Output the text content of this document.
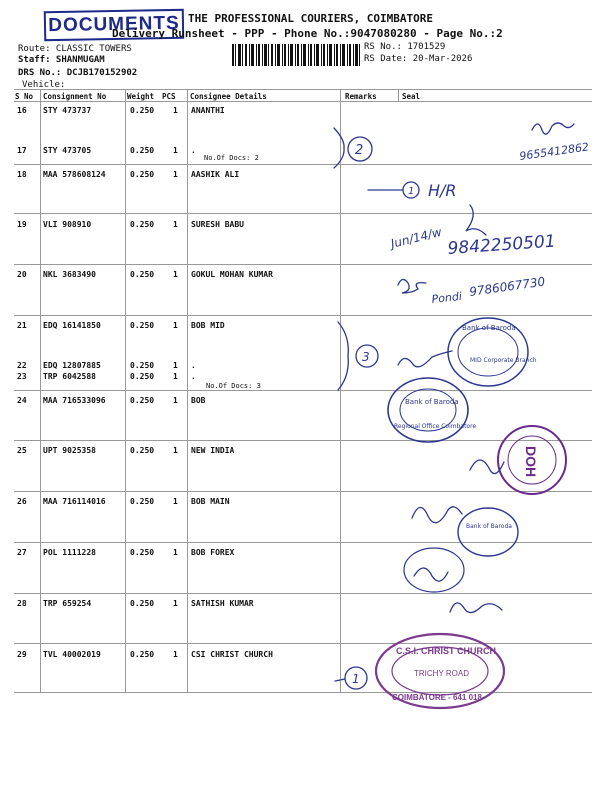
DOCUMENTS THE PROFESSIONAL COURIERS, COIMBATORE
Delivery Runsheet - PPP - Phone No.:9047080280 - Page No.:2
Route: CLASSIC TOWERS
Staff: SHANMUGAM
DRS No.: DCJB170152902
Vehicle:
RS No.: 1701529
RS Date: 20-Mar-2026
S No Consignment No	Weight PCS Consignee Details	Remarks	Seal
16 STY 473737	0.250 1 ANANTHI
17 STY 473705	0.250 1 .
No.Of Docs: 2
18 MAA 578608124	0.250 1 AASHIK ALI
19 VLI 908910	0.250 1 SURESH BABU
20 NKL 3683490	0.250 1 GOKUL MOHAN KUMAR
21 EDQ 16141850	0.250 1 BOB MID
22 EDQ 12807885	0.250 1 .
23 TRP 6042588	0.250 1 .
No.Of Docs: 3
24 MAA 716533096	0.250 1 BOB
25 UPT 9025358	0.250 1 NEW INDIA
26 MAA 716114016	0.250 1 BOB MAIN
27 POL 1111228	0.250 1 BOB FOREX
28 TRP 659254	0.250 1 SATHISH KUMAR
29 TVL 40002019	0.250 1 CSI CHRIST CHURCH
2	9655412862
1 H/R
Jun/14/w 9842250501
Pondi 9786067730
3
Bank of Baroda
MID Corporate Branch
Bank of Baroda
Regional Office Coimbatore
DOH
Bank of Baroda
C.S.I. CHRIST CHURCH
TRICHY ROAD
COIMBATORE - 641 018
1
